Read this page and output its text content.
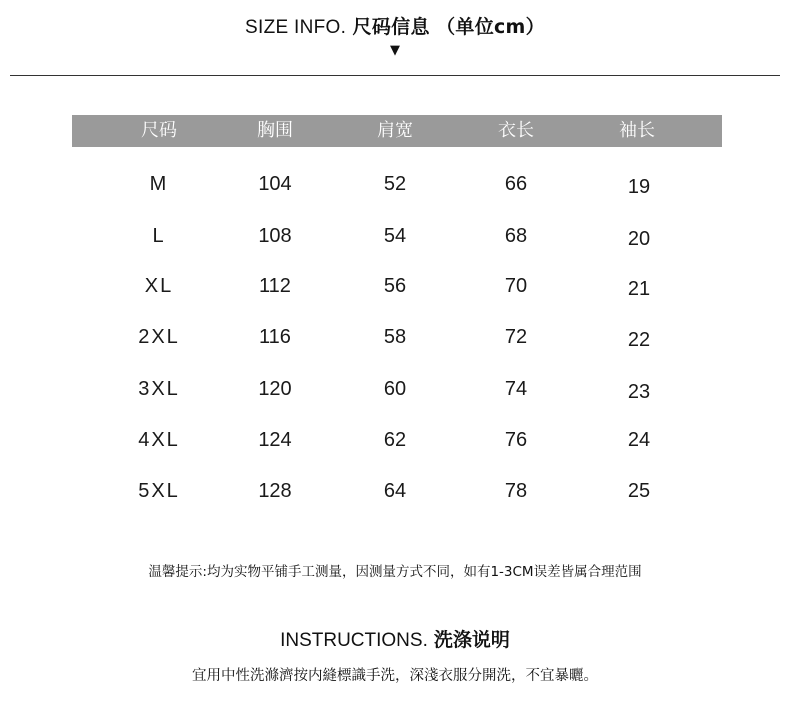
SIZE INFO. 尺码信息 （单位cm）
▼
尺码	胸围	肩宽	衣长	袖长
M	104	52	66	19
L	108	54	68	20
XL	112	56	70	21
2XL	116	58	72	22
3XL	120	60	74	23
4XL	124	62	76	24
5XL	128	64	78	25
温馨提示:均为实物平铺手工测量，因测量方式不同，如有1-3CM误差皆属合理范围
INSTRUCTIONS. 洗涤说明
宜用中性洗滌濟按内縫標識手洗，深淺衣服分開洗，不宜暴曬。
